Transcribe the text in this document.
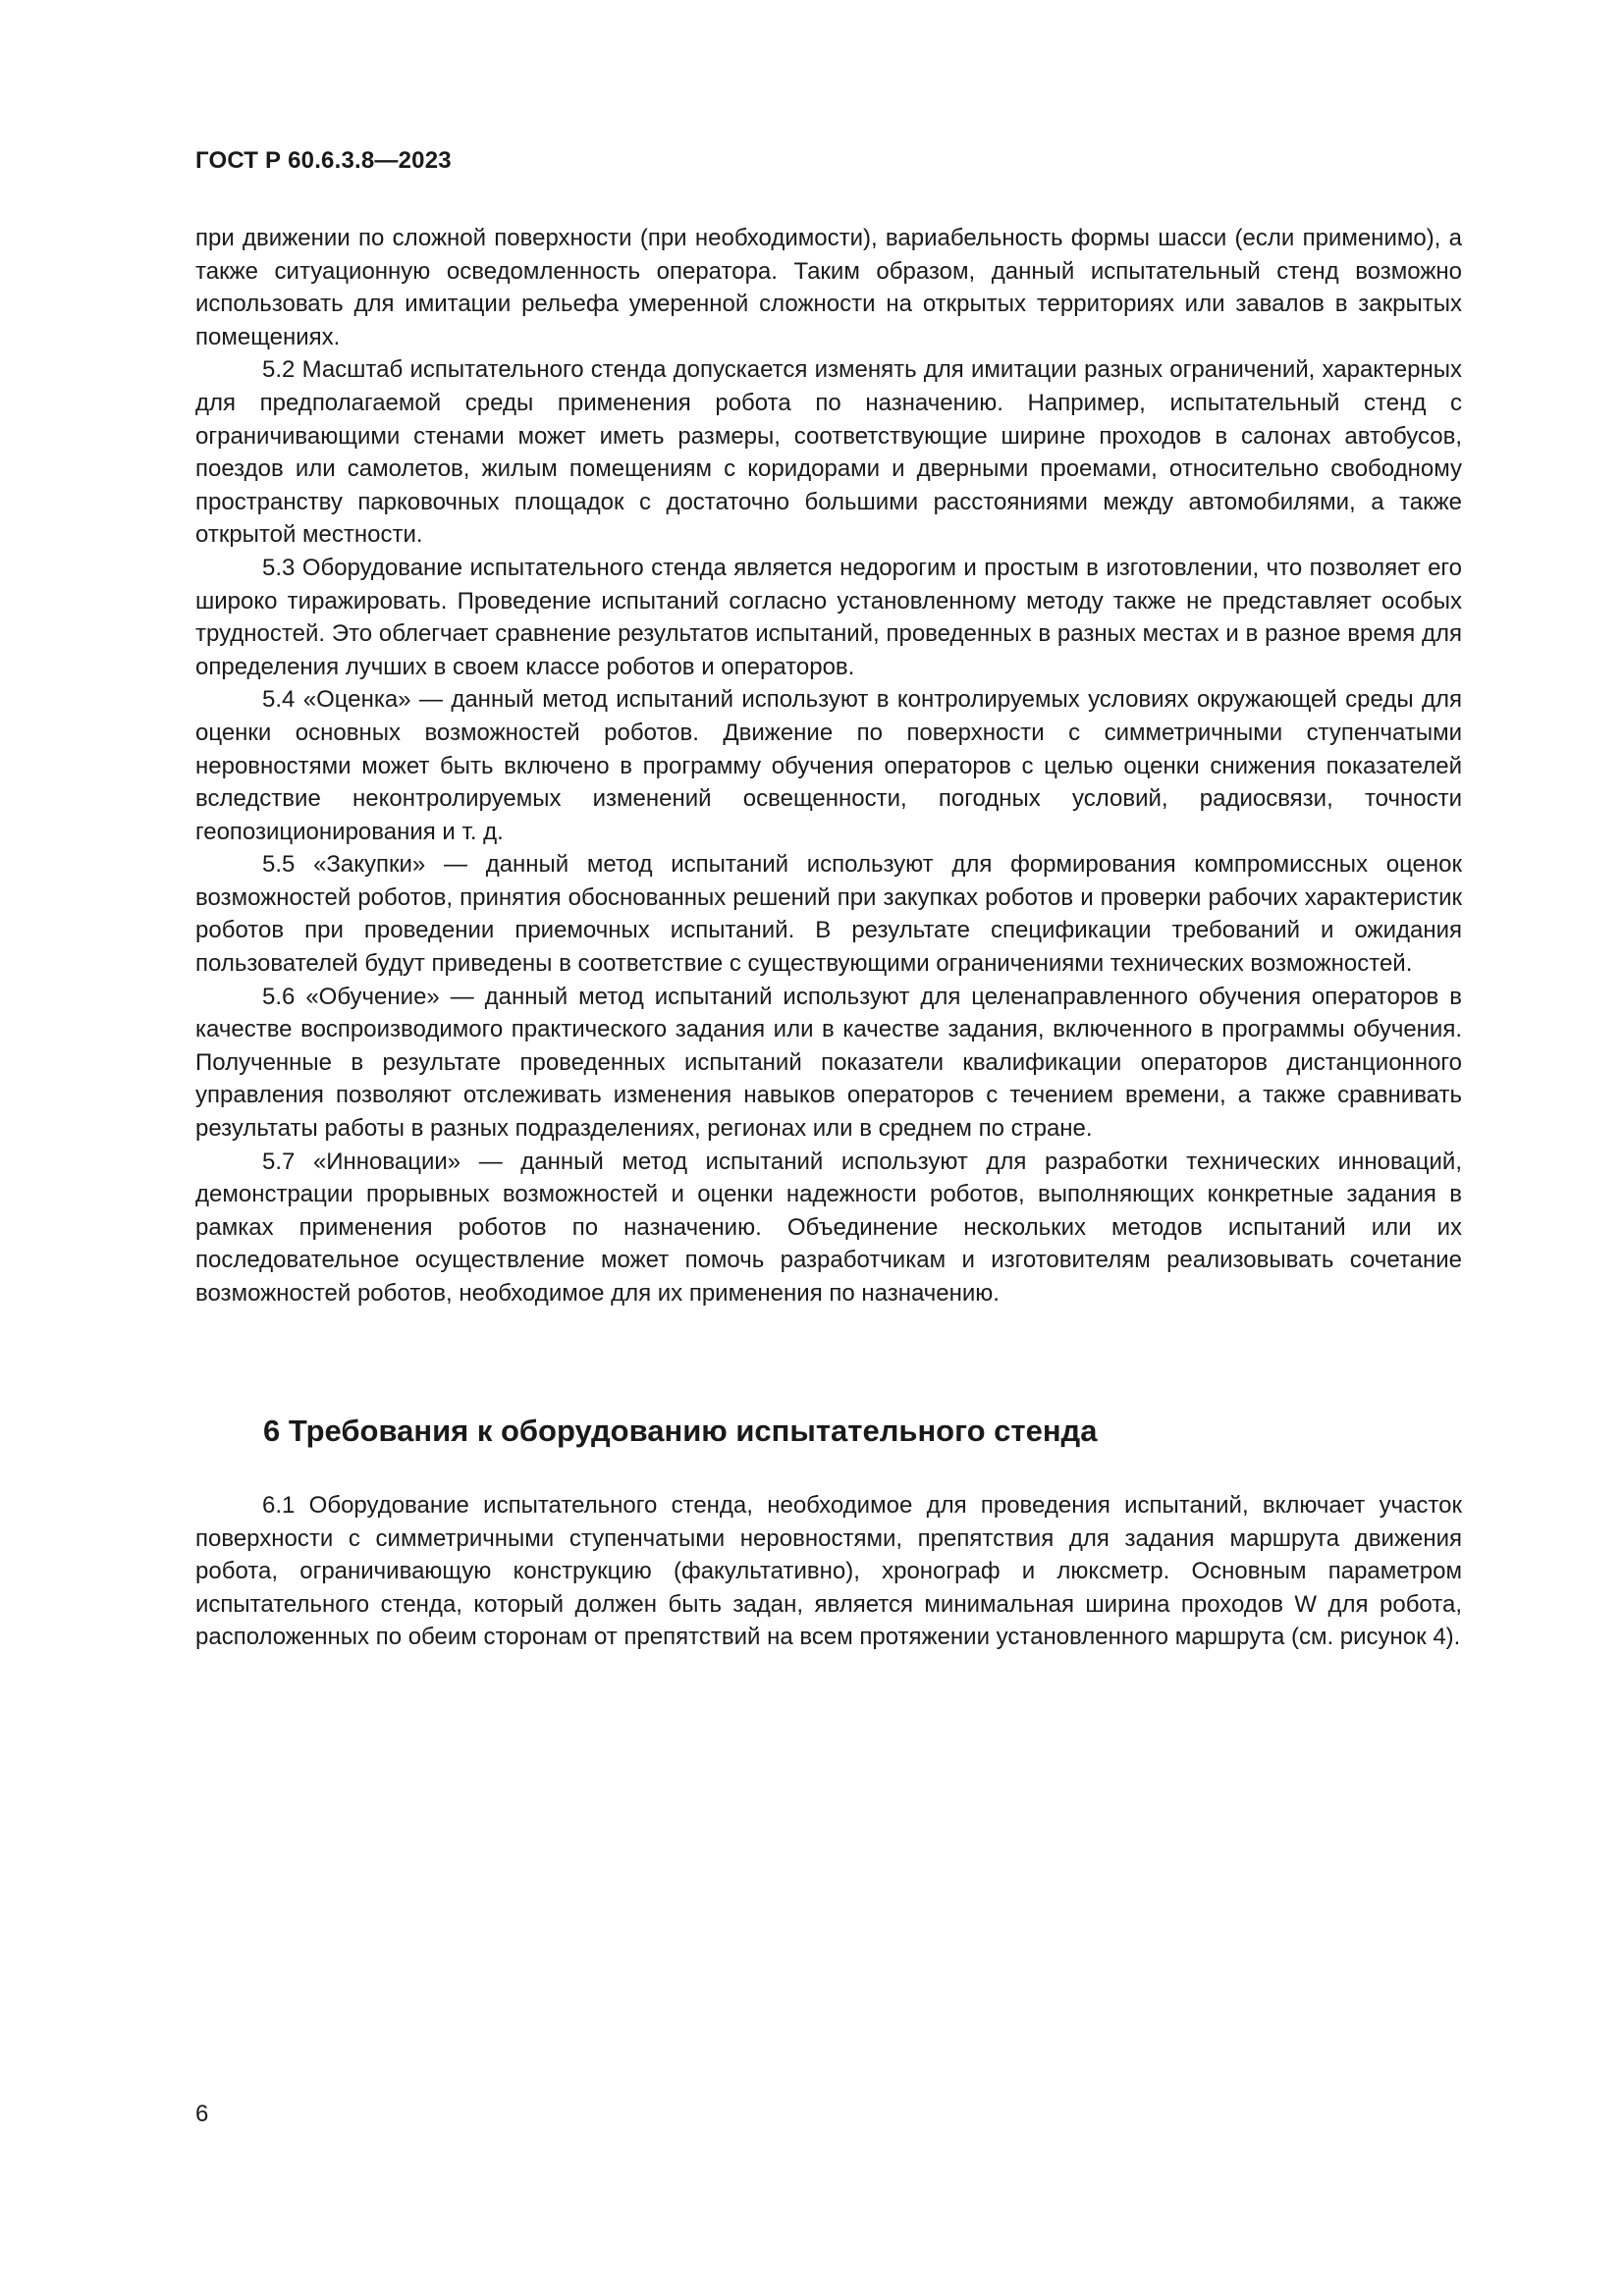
ГОСТ Р 60.6.3.8—2023

при движении по сложной поверхности (при необходимости), вариабельность формы шасси (если применимо), а также ситуационную осведомленность оператора. Таким образом, данный испытательный стенд возможно использовать для имитации рельефа умеренной сложности на открытых территориях или завалов в закрытых помещениях.

5.2 Масштаб испытательного стенда допускается изменять для имитации разных ограничений, характерных для предполагаемой среды применения робота по назначению. Например, испытательный стенд с ограничивающими стенами может иметь размеры, соответствующие ширине проходов в салонах автобусов, поездов или самолетов, жилым помещениям с коридорами и дверными проемами, относительно свободному пространству парковочных площадок с достаточно большими расстояниями между автомобилями, а также открытой местности.

5.3 Оборудование испытательного стенда является недорогим и простым в изготовлении, что позволяет его широко тиражировать. Проведение испытаний согласно установленному методу также не представляет особых трудностей. Это облегчает сравнение результатов испытаний, проведенных в разных местах и в разное время для определения лучших в своем классе роботов и операторов.

5.4 «Оценка» — данный метод испытаний используют в контролируемых условиях окружающей среды для оценки основных возможностей роботов. Движение по поверхности с симметричными ступенчатыми неровностями может быть включено в программу обучения операторов с целью оценки снижения показателей вследствие неконтролируемых изменений освещенности, погодных условий, радиосвязи, точности геопозиционирования и т. д.

5.5 «Закупки» — данный метод испытаний используют для формирования компромиссных оценок возможностей роботов, принятия обоснованных решений при закупках роботов и проверки рабочих характеристик роботов при проведении приемочных испытаний. В результате спецификации требований и ожидания пользователей будут приведены в соответствие с существующими ограничениями технических возможностей.

5.6 «Обучение» — данный метод испытаний используют для целенаправленного обучения операторов в качестве воспроизводимого практического задания или в качестве задания, включенного в программы обучения. Полученные в результате проведенных испытаний показатели квалификации операторов дистанционного управления позволяют отслеживать изменения навыков операторов с течением времени, а также сравнивать результаты работы в разных подразделениях, регионах или в среднем по стране.

5.7 «Инновации» — данный метод испытаний используют для разработки технических инноваций, демонстрации прорывных возможностей и оценки надежности роботов, выполняющих конкретные задания в рамках применения роботов по назначению. Объединение нескольких методов испытаний или их последовательное осуществление может помочь разработчикам и изготовителям реализовывать сочетание возможностей роботов, необходимое для их применения по назначению.

6 Требования к оборудованию испытательного стенда

6.1 Оборудование испытательного стенда, необходимое для проведения испытаний, включает участок поверхности с симметричными ступенчатыми неровностями, препятствия для задания маршрута движения робота, ограничивающую конструкцию (факультативно), хронограф и люксметр. Основным параметром испытательного стенда, который должен быть задан, является минимальная ширина проходов W для робота, расположенных по обеим сторонам от препятствий на всем протяжении установленного маршрута (см. рисунок 4).

6
